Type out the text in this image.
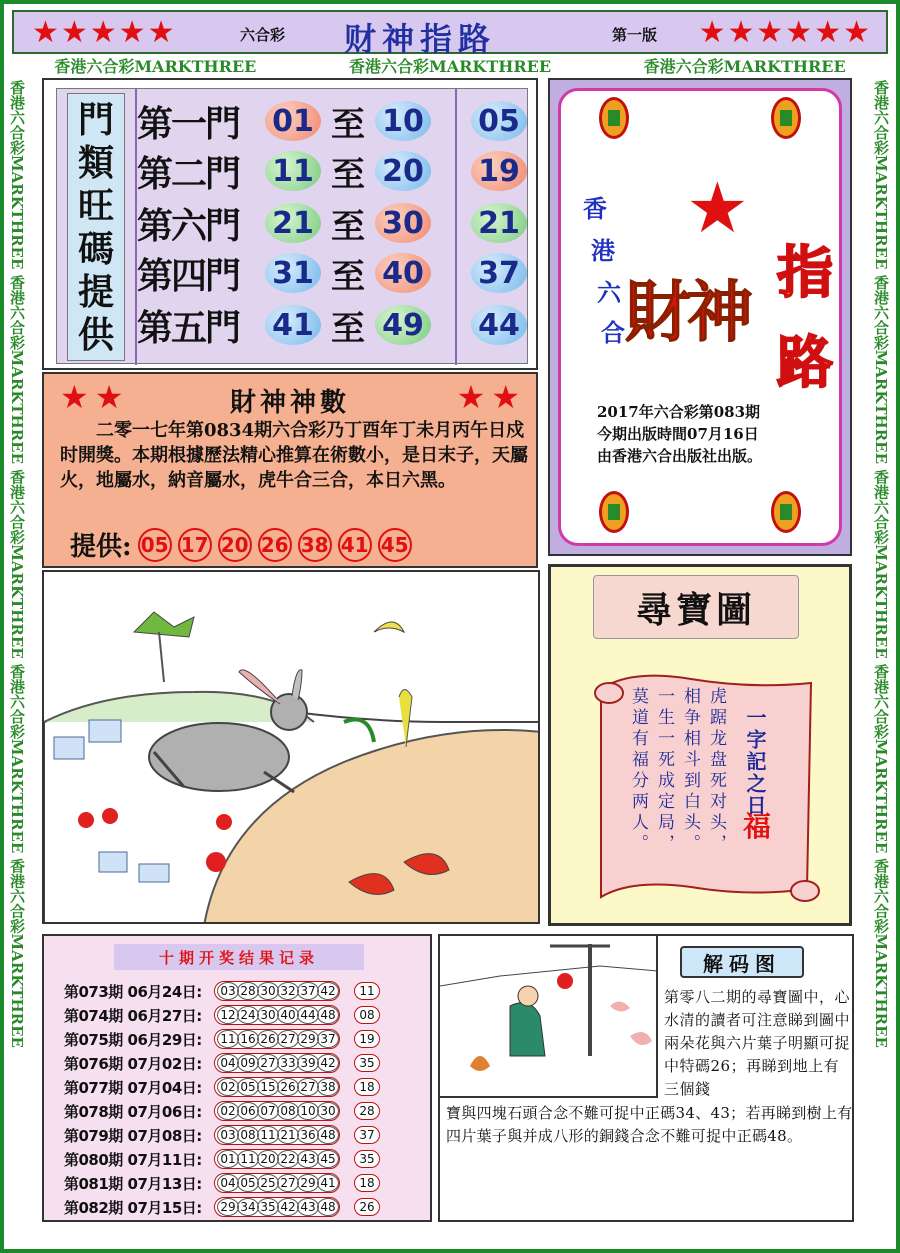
★★★★★	六合彩 财神指路	第一版 ★★★★★★
香港六合彩MARKTHREE	香港六合彩MARKTHREE	香港六合彩MARKTHREE
香港六合彩MARKTHREE 香港六合彩MARKTHREE 香港六合彩MARKTHREE 香港六合彩MARKTHREE 香港六合彩MARKTHREE	香港六合彩MARKTHREE 香港六合彩MARKTHREE 香港六合彩MARKTHREE 香港六合彩MARKTHREE 香港六合彩MARKTHREE
門
類
旺
碼
提
供
第一門	01 至 10 05
第二門	11 至 20 19
第六門	21 至 30 21
第四門	31 至 40 37
第五門	41 至 49 44
★
香
港
六
合 財神 指
路
2017年六合彩第083期
今期出版時間07月16日
由香港六合出版社出版。
★★	財神神數	★★
二零一七年第0834期六合彩乃丁酉年丁未月丙午日戍时開獎。本期根據歷法精心推算在術數小，是日末子，天屬火，地屬水，納音屬水，虎牛合三合，本日六黑。
提供: 05 17 20 26 38 41 45
尋寶圖
虎踞龙盘死对头，
相争相斗到白头。
一生一死成定局，
莫道有福分两人。	一字記之日
福
十期开奖结果记录
第073期 06月24日:	03 28 30 32 37 42	11
第074期 06月27日:	12 24 30 40 44 48	08
第075期 06月29日:	11 16 26 27 29 37	19
第076期 07月02日:	04 09 27 33 39 42	35
第077期 07月04日:	02 05 15 26 27 38	18
第078期 07月06日:	02 06 07 08 10 30	28
第079期 07月08日:	03 08 11 21 36 48	37
第080期 07月11日:	01 11 20 22 43 45	35
第081期 07月13日:	04 05 25 27 29 41	18
第082期 07月15日:	29 34 35 42 43 48	26
解码图
第零八二期的尋寶圖中，心水清的讀者可注意睇到圖中兩朵花與六片葉子明顯可捉中特碼26；再睇到地上有三個錢
寶與四塊石頭合念不難可捉中正碼34、43；若再睇到樹上有四片葉子與并成八形的銅錢合念不難可捉中正碼48。
